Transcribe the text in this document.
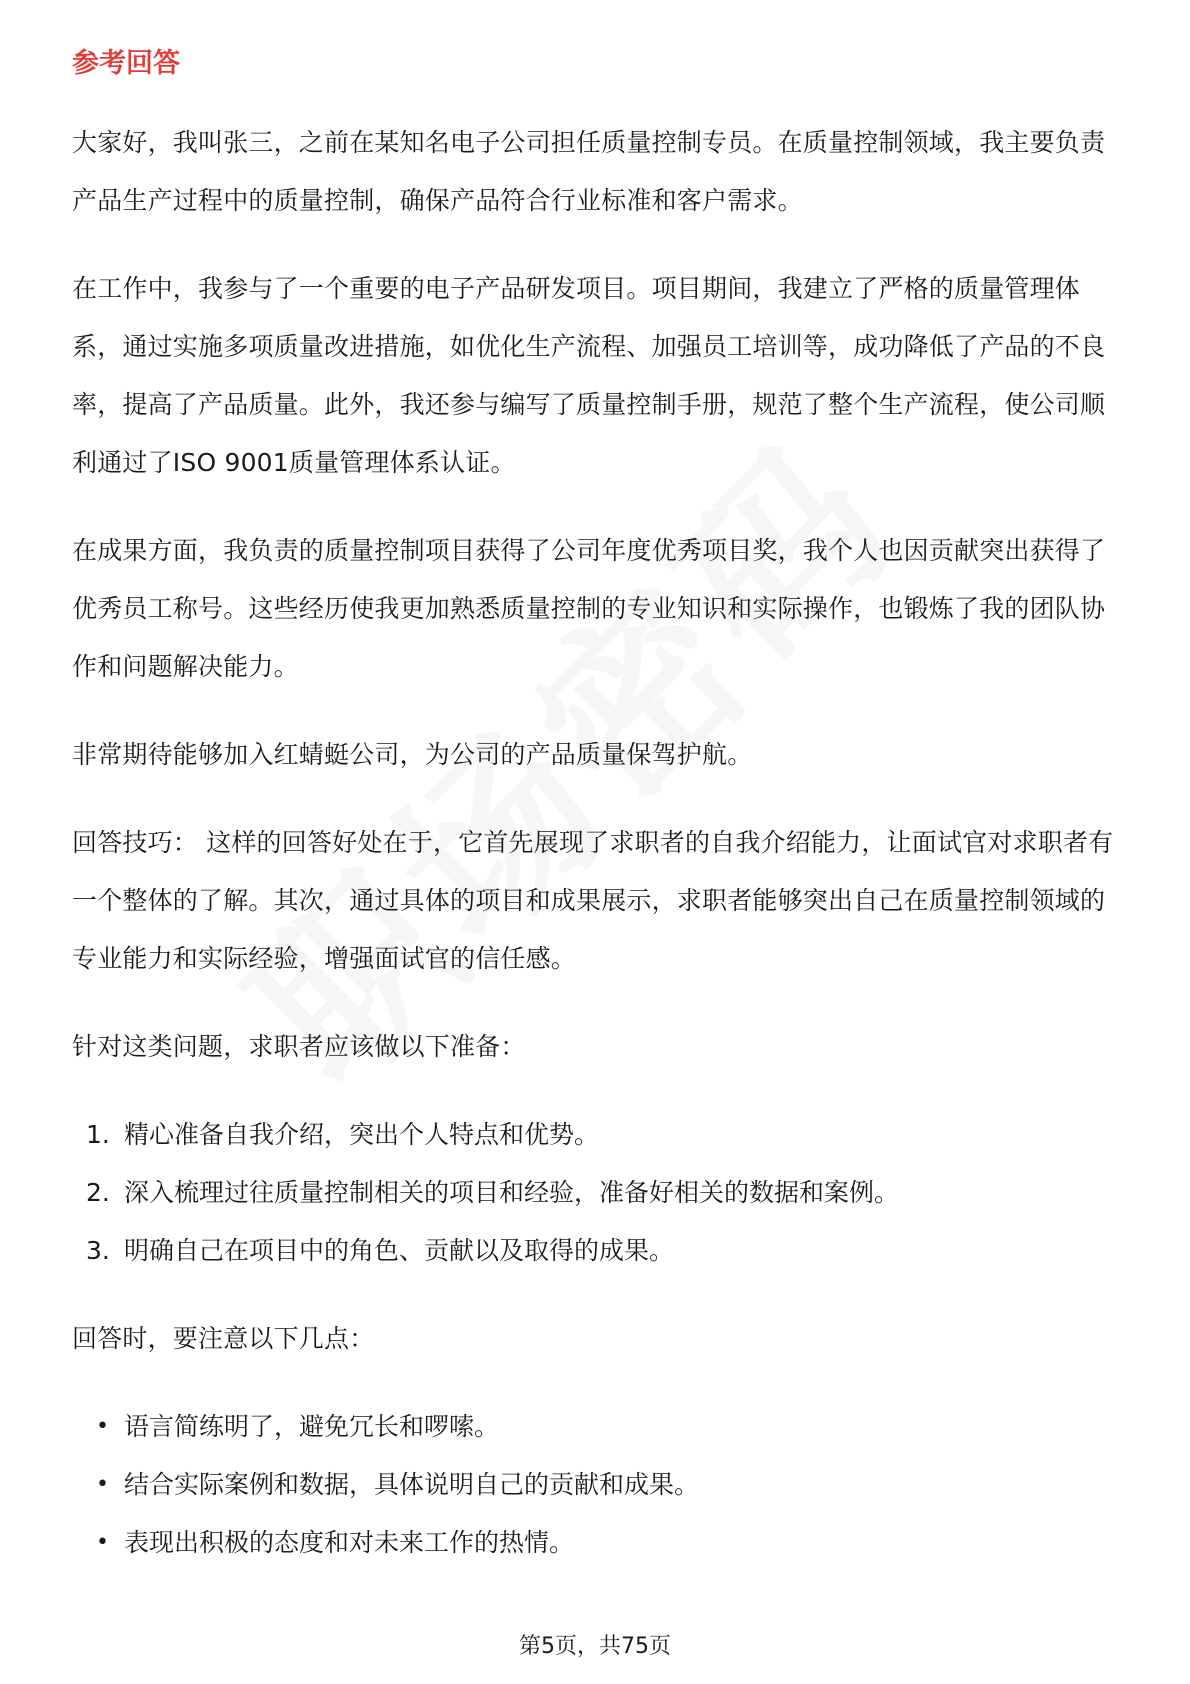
参考回答

大家好，我叫张三，之前在某知名电子公司担任质量控制专员。在质量控制领域，我主要负责产品生产过程中的质量控制，确保产品符合行业标准和客户需求。

在工作中，我参与了一个重要的电子产品研发项目。项目期间，我建立了严格的质量管理体系，通过实施多项质量改进措施，如优化生产流程、加强员工培训等，成功降低了产品的不良率，提高了产品质量。此外，我还参与编写了质量控制手册，规范了整个生产流程，使公司顺利通过了ISO 9001质量管理体系认证。

在成果方面，我负责的质量控制项目获得了公司年度优秀项目奖，我个人也因贡献突出获得了优秀员工称号。这些经历使我更加熟悉质量控制的专业知识和实际操作，也锻炼了我的团队协作和问题解决能力。

非常期待能够加入红蜻蜓公司，为公司的产品质量保驾护航。

回答技巧： 这样的回答好处在于，它首先展现了求职者的自我介绍能力，让面试官对求职者有一个整体的了解。其次，通过具体的项目和成果展示，求职者能够突出自己在质量控制领域的专业能力和实际经验，增强面试官的信任感。

针对这类问题，求职者应该做以下准备：

1. 精心准备自我介绍，突出个人特点和优势。
2. 深入梳理过往质量控制相关的项目和经验，准备好相关的数据和案例。
3. 明确自己在项目中的角色、贡献以及取得的成果。

回答时，要注意以下几点：

• 语言简练明了，避免冗长和啰嗦。
• 结合实际案例和数据，具体说明自己的贡献和成果。
• 表现出积极的态度和对未来工作的热情。
第5页，共75页
